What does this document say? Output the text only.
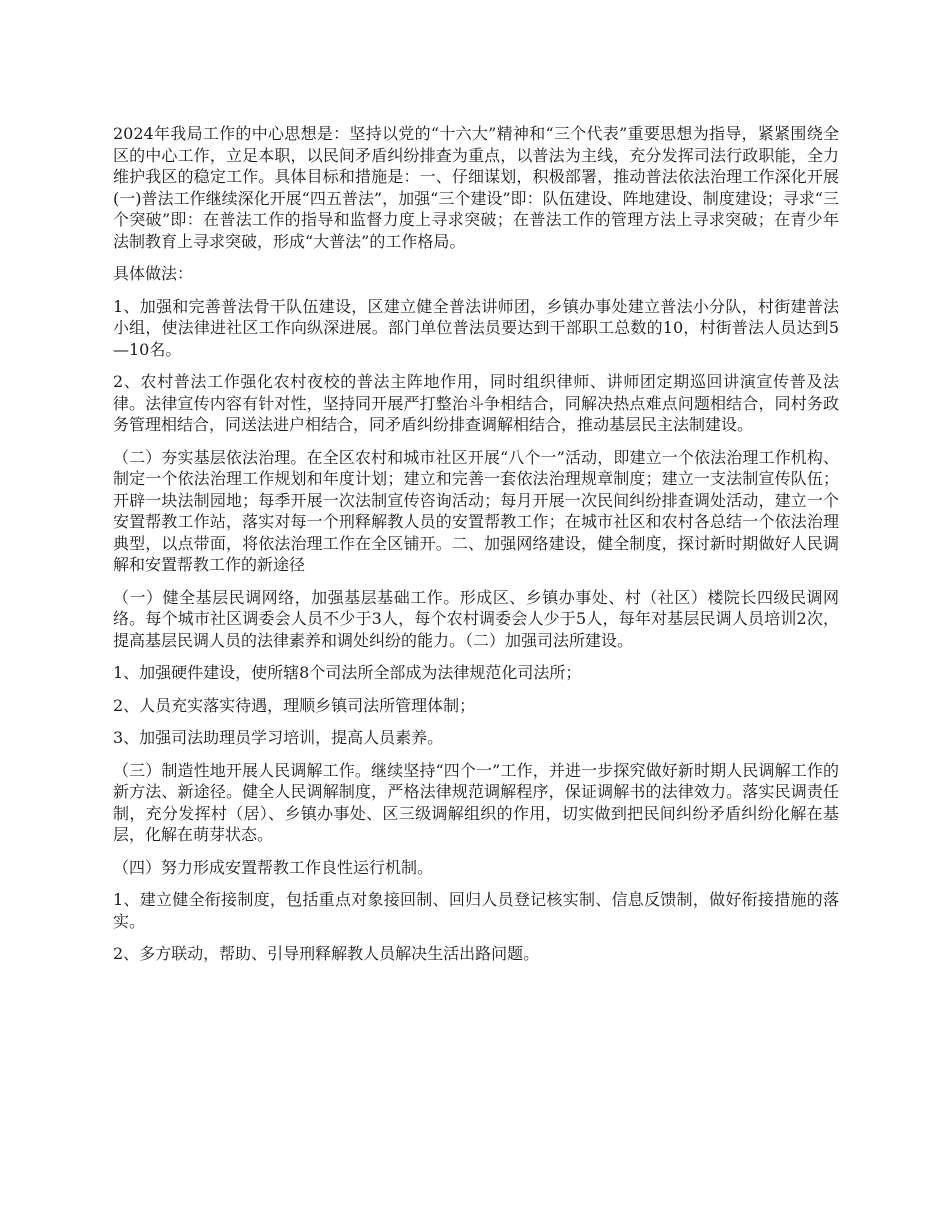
2024年我局工作的中心思想是：坚持以党的“十六大”精神和“三个代表”重要思想为指导，紧紧围绕全区的中心工作，立足本职，以民间矛盾纠纷排查为重点，以普法为主线，充分发挥司法行政职能，全力维护我区的稳定工作。具体目标和措施是：一、仔细谋划，积极部署，推动普法依法治理工作深化开展(一)普法工作继续深化开展“四五普法”，加强“三个建设”即：队伍建设、阵地建设、制度建设；寻求“三个突破”即：在普法工作的指导和监督力度上寻求突破；在普法工作的管理方法上寻求突破；在青少年法制教育上寻求突破，形成“大普法”的工作格局。

具体做法：

1、加强和完善普法骨干队伍建设，区建立健全普法讲师团，乡镇办事处建立普法小分队，村街建普法小组，使法律进社区工作向纵深进展。部门单位普法员要达到干部职工总数的10，村街普法人员达到5—10名。

2、农村普法工作强化农村夜校的普法主阵地作用，同时组织律师、讲师团定期巡回讲演宣传普及法律。法律宣传内容有针对性，坚持同开展严打整治斗争相结合，同解决热点难点问题相结合，同村务政务管理相结合，同送法进户相结合，同矛盾纠纷排查调解相结合，推动基层民主法制建设。

（二）夯实基层依法治理。在全区农村和城市社区开展“八个一”活动，即建立一个依法治理工作机构、制定一个依法治理工作规划和年度计划；建立和完善一套依法治理规章制度；建立一支法制宣传队伍；开辟一块法制园地；每季开展一次法制宣传咨询活动；每月开展一次民间纠纷排查调处活动，建立一个安置帮教工作站，落实对每一个刑释解教人员的安置帮教工作；在城市社区和农村各总结一个依法治理典型，以点带面，将依法治理工作在全区铺开。二、加强网络建设，健全制度，探讨新时期做好人民调解和安置帮教工作的新途径

（一）健全基层民调网络，加强基层基础工作。形成区、乡镇办事处、村（社区）楼院长四级民调网络。每个城市社区调委会人员不少于3人，每个农村调委会人少于5人，每年对基层民调人员培训2次，提高基层民调人员的法律素养和调处纠纷的能力。（二）加强司法所建设。

1、加强硬件建设，使所辖8个司法所全部成为法律规范化司法所；

2、人员充实落实待遇，理顺乡镇司法所管理体制；

3、加强司法助理员学习培训，提高人员素养。

（三）制造性地开展人民调解工作。继续坚持“四个一”工作，并进一步探究做好新时期人民调解工作的新方法、新途径。健全人民调解制度，严格法律规范调解程序，保证调解书的法律效力。落实民调责任制，充分发挥村（居）、乡镇办事处、区三级调解组织的作用，切实做到把民间纠纷矛盾纠纷化解在基层，化解在萌芽状态。

（四）努力形成安置帮教工作良性运行机制。

1、建立健全衔接制度，包括重点对象接回制、回归人员登记核实制、信息反馈制，做好衔接措施的落实。

2、多方联动，帮助、引导刑释解教人员解决生活出路问题。
